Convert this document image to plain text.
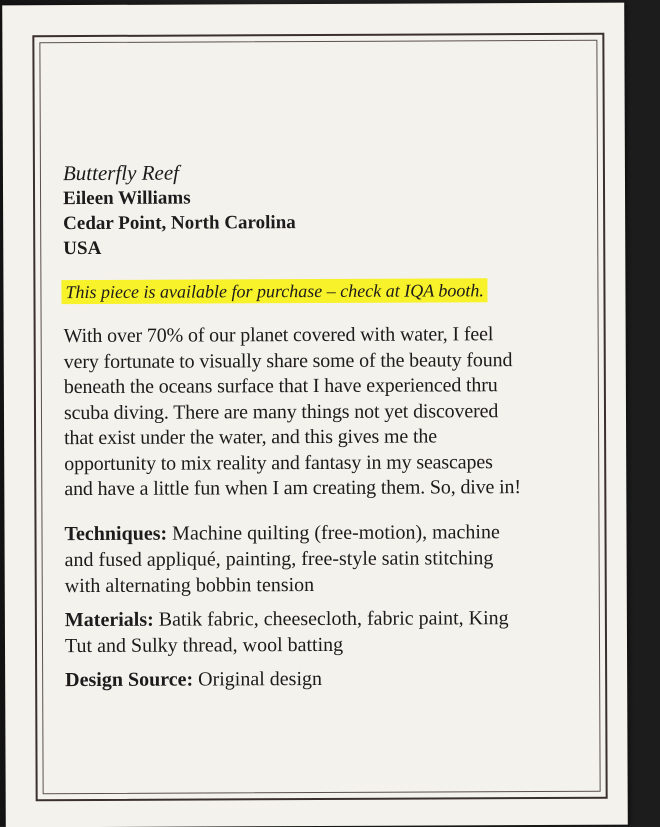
Butterfly Reef
Eileen Williams
Cedar Point, North Carolina
USA
This piece is available for purchase – check at IQA booth.
With over 70% of our planet covered with water, I feel
very fortunate to visually share some of the beauty found
beneath the oceans surface that I have experienced thru
scuba diving. There are many things not yet discovered
that exist under the water, and this gives me the
opportunity to mix reality and fantasy in my seascapes
and have a little fun when I am creating them. So, dive in!
Techniques: Machine quilting (free-motion), machine
and fused appliqué, painting, free-style satin stitching
with alternating bobbin tension
Materials: Batik fabric, cheesecloth, fabric paint, King
Tut and Sulky thread, wool batting
Design Source: Original design
